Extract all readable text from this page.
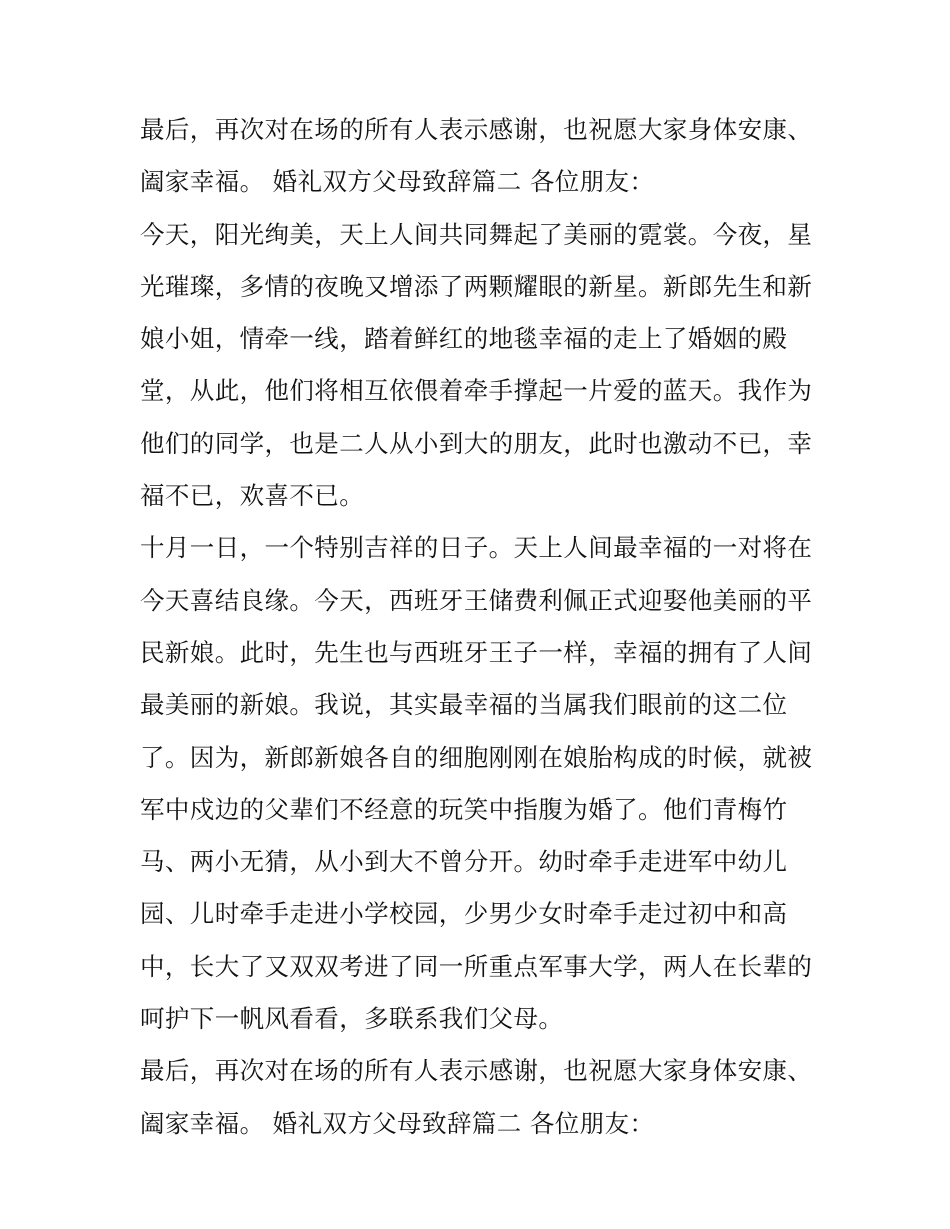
最后，再次对在场的所有人表示感谢，也祝愿大家身体安康、
阖家幸福。 婚礼双方父母致辞篇二 各位朋友：

今天，阳光绚美，天上人间共同舞起了美丽的霓裳。今夜，星
光璀璨，多情的夜晚又增添了两颗耀眼的新星。新郎先生和新
娘小姐，情牵一线，踏着鲜红的地毯幸福的走上了婚姻的殿
堂，从此，他们将相互依偎着牵手撑起一片爱的蓝天。我作为
他们的同学，也是二人从小到大的朋友，此时也激动不已，幸
福不已，欢喜不已。

十月一日，一个特别吉祥的日子。天上人间最幸福的一对将在
今天喜结良缘。今天，西班牙王储费利佩正式迎娶他美丽的平
民新娘。此时，先生也与西班牙王子一样，幸福的拥有了人间
最美丽的新娘。我说，其实最幸福的当属我们眼前的这二位
了。因为，新郎新娘各自的细胞刚刚在娘胎构成的时候，就被
军中戍边的父辈们不经意的玩笑中指腹为婚了。他们青梅竹
马、两小无猜，从小到大不曾分开。幼时牵手走进军中幼儿
园、儿时牵手走进小学校园，少男少女时牵手走过初中和高
中，长大了又双双考进了同一所重点军事大学，两人在长辈的
呵护下一帆风看看，多联系我们父母。

最后，再次对在场的所有人表示感谢，也祝愿大家身体安康、
阖家幸福。 婚礼双方父母致辞篇二 各位朋友：
